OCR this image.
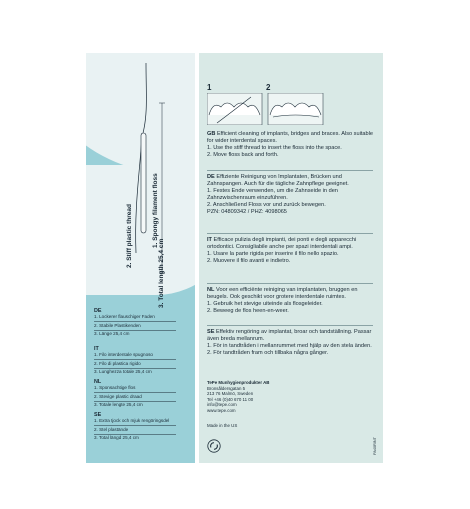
2. Stiff plastic thread	1. Spongy filament floss
3. Total length 25,4 cm
DE
1. Lockerer flauschiger Faden
2. Stabile Plastikenden
3. Länge 25,4 cm
IT
1. Filo interdentale spugnoso
2. Filo di plastica rigido
3. Lunghezza totale 25,4 cm
NL
1. Sponsachtige flos
2. Stevige plastic draad
3. Totale lengte 25,4 cm
SE
1. Extra tjock och mjuk rengöringsdel
2. Stel plastände
3. Total längd 25,4 cm
1	2
GB Efficient cleaning of implants, bridges and braces. Also suitable for wider interdental spaces.
1. Use the stiff thread to insert the floss into the space.
2. Move floss back and forth.
DE Effiziente Reinigung von Implantaten, Brücken und Zahnspangen. Auch für die tägliche Zahnpflege geeignet.
1. Festes Ende verwenden, um die Zahnseide in den Zahnzwischenraum einzuführen.
2. Anschließend Floss vor und zurück bewegen.
PZN: 04809342 / PHZ: 4098065
IT Efficace pulizia degli impianti, dei ponti e degli apparecchi ortodontici. Consigliabile anche per spazi interdentali ampi.
1. Usare la parte rigida per inserire il filo nello spazio.
2. Muovere il filo avanti e indietro.
NL Voor een efficiënte reiniging van implantaten, bruggen en beugels. Ook geschikt voor grotere interdentale ruimtes.
1. Gebruik het stevige uiteinde als flosgeleider.
2. Beweeg de flos heen-en-weer.
SE Effektiv rengöring av implantat, broar och tandställning. Passar även breda mellanrum.
1. För in tandtråden i mellanrummet med hjälp av den stela änden.
2. För tandtråden fram och tillbaka några gånger.
TePe Munhygienprodukter AB
Bronsåldersgatan 5
213 76 Malmö, Sweden
Tel +46 (0)40 670 11 00
info@tepe.com
www.tepe.com
Made in the US
PA40RINT
